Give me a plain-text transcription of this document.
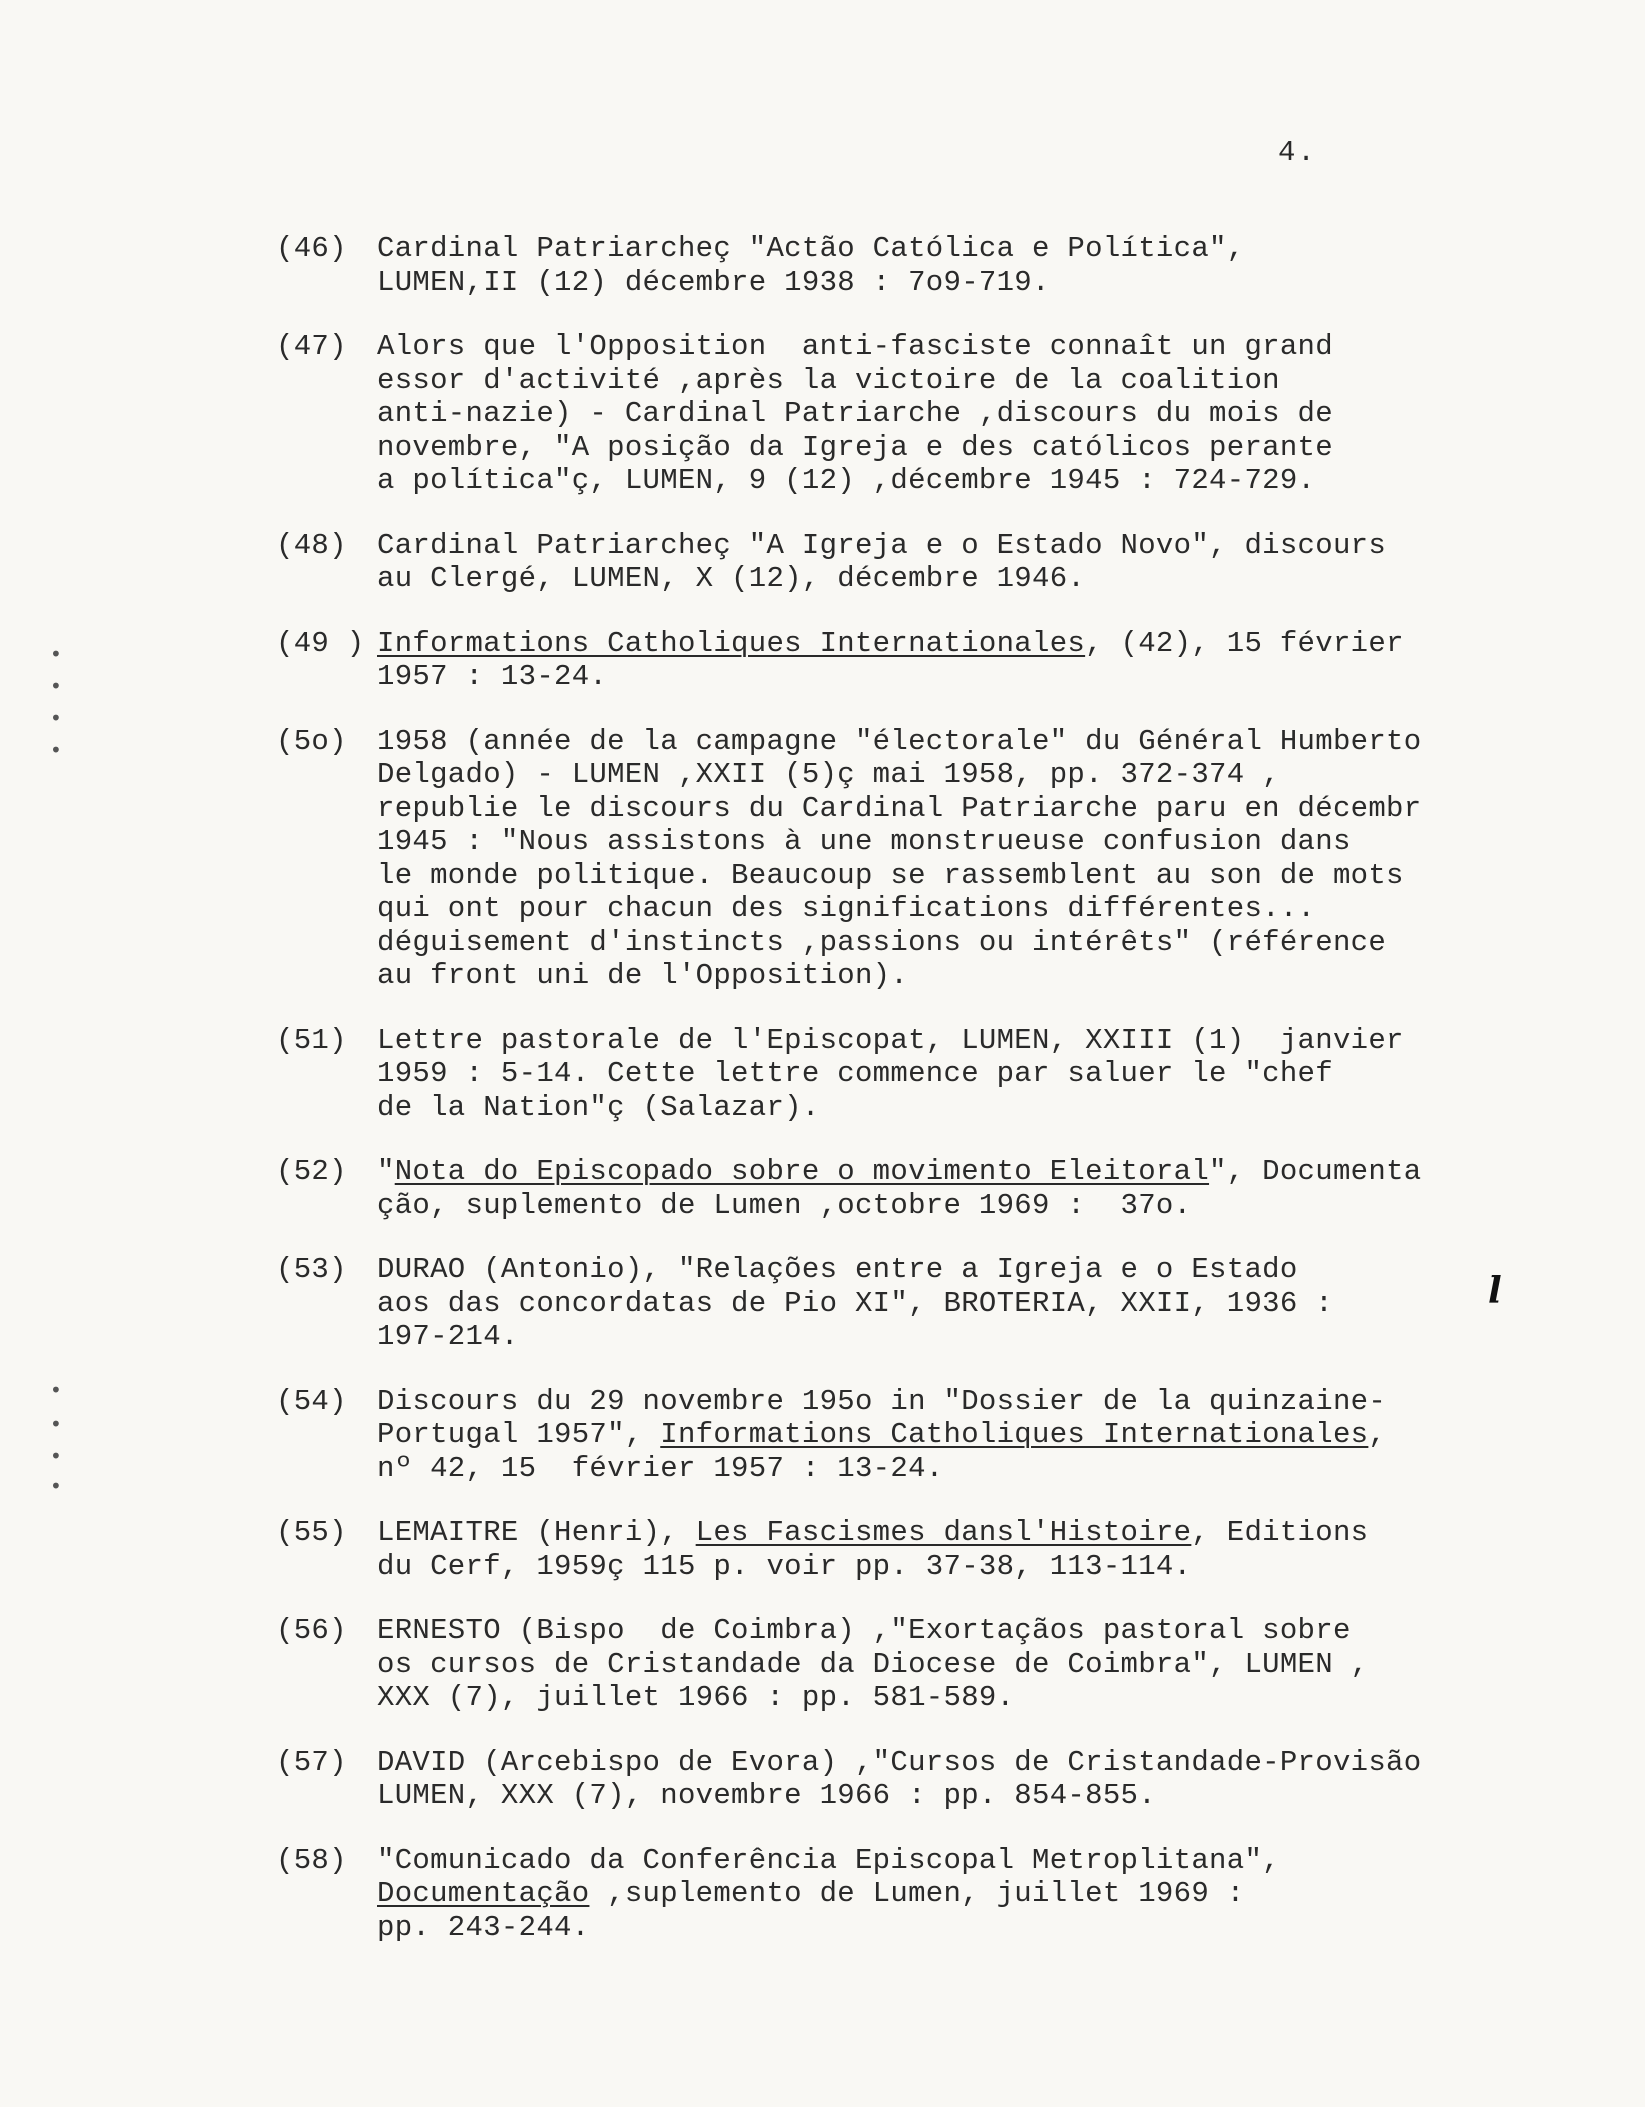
4.
•
•
•
•
•
•
•
•
l
(46)	Cardinal Patriarcheç "Actão Católica e Política",
LUMEN,II (12) décembre 1938 : 7o9-719.
(47)	Alors que l'Opposition  anti-fasciste connaît un grand
essor d'activité ,après la victoire de la coalition
anti-nazie) - Cardinal Patriarche ,discours du mois de
novembre, "A posição da Igreja e des católicos perante
a política"ç, LUMEN, 9 (12) ,décembre 1945 : 724-729.
(48)	Cardinal Patriarcheç "A Igreja e o Estado Novo", discours
au Clergé, LUMEN, X (12), décembre 1946.
(49 ) Informations Catholiques Internationales, (42), 15 février
1957 : 13-24.
(5o)	1958 (année de la campagne "électorale" du Général Humberto
Delgado) - LUMEN ,XXII (5)ç mai 1958, pp. 372-374 ,
republie le discours du Cardinal Patriarche paru en décembr
1945 : "Nous assistons à une monstrueuse confusion dans
le monde politique. Beaucoup se rassemblent au son de mots
qui ont pour chacun des significations différentes...
déguisement d'instincts ,passions ou intérêts" (référence
au front uni de l'Opposition).
(51)	Lettre pastorale de l'Episcopat, LUMEN, XXIII (1)  janvier
1959 : 5-14. Cette lettre commence par saluer le "chef
de la Nation"ç (Salazar).
(52)	"Nota do Episcopado sobre o movimento Eleitoral", Documenta
ção, suplemento de Lumen ,octobre 1969 :  37o.
(53)	DURAO (Antonio), "Relações entre a Igreja e o Estado
aos das concordatas de Pio XI", BROTERIA, XXII, 1936 :
197-214.
(54)	Discours du 29 novembre 195o in "Dossier de la quinzaine-
Portugal 1957", Informations Catholiques Internationales,
nº 42, 15  février 1957 : 13-24.
(55)	LEMAITRE (Henri), Les Fascismes dansl'Histoire, Editions
du Cerf, 1959ç 115 p. voir pp. 37-38, 113-114.
(56)	ERNESTO (Bispo  de Coimbra) ,"Exortaçãos pastoral sobre
os cursos de Cristandade da Diocese de Coimbra", LUMEN ,
XXX (7), juillet 1966 : pp. 581-589.
(57)	DAVID (Arcebispo de Evora) ,"Cursos de Cristandade-Provisão
LUMEN, XXX (7), novembre 1966 : pp. 854-855.
(58)	"Comunicado da Conferência Episcopal Metroplitana",
Documentação ,suplemento de Lumen, juillet 1969 :
pp. 243-244.
